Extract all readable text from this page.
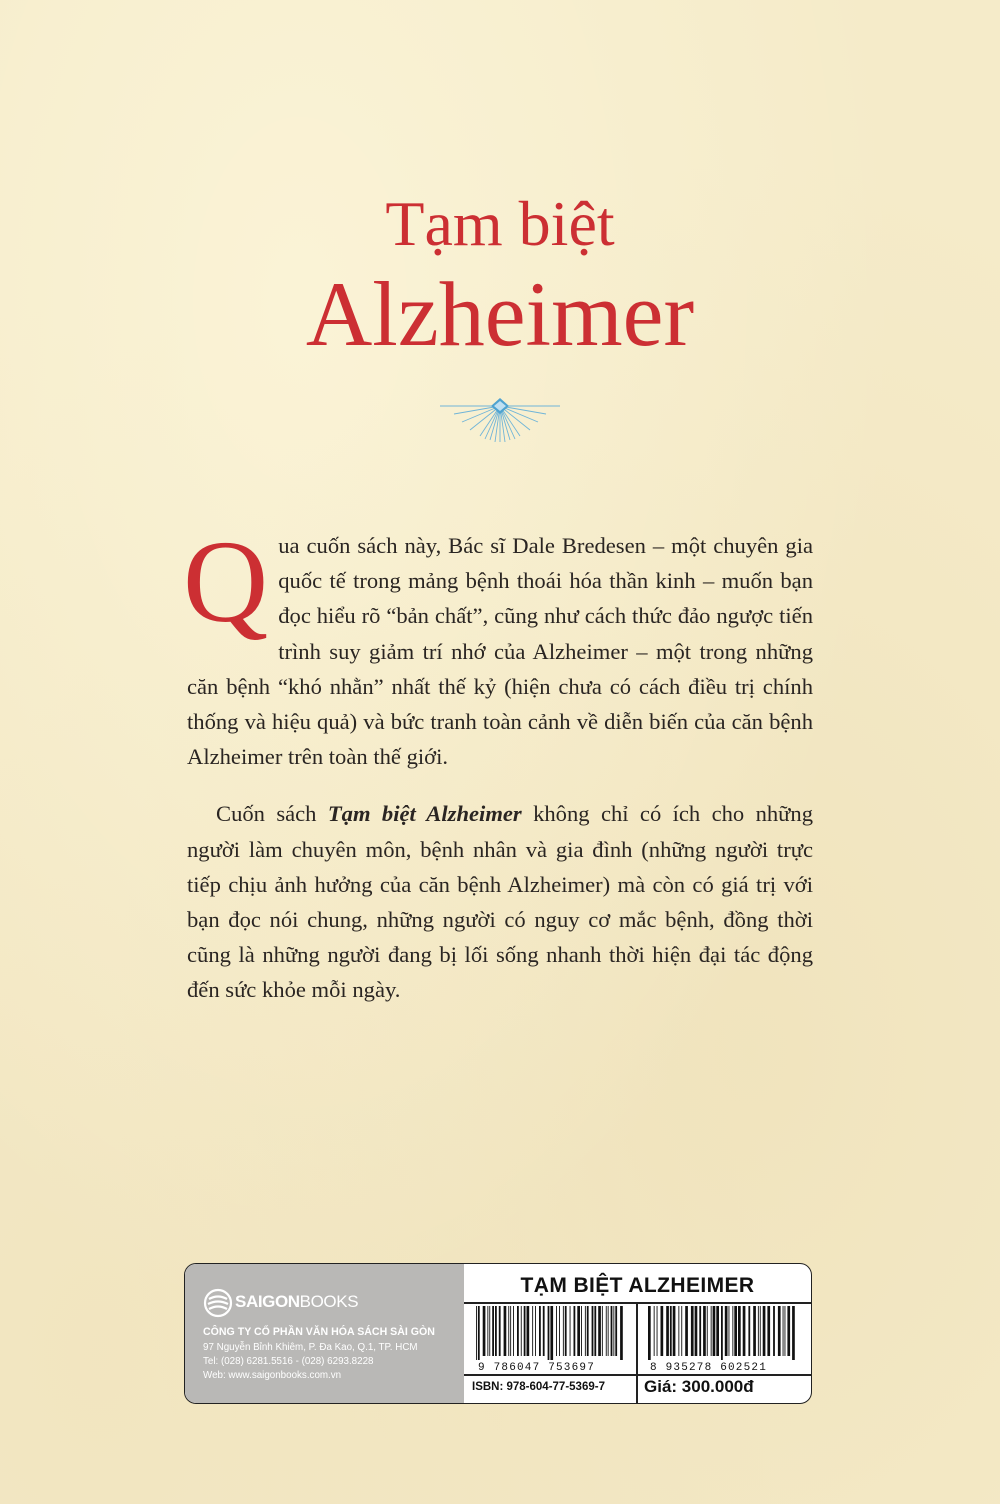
Tạm biệt
Alzheimer

Qua cuốn sách này, Bác sĩ Dale Bredesen – một chuyên gia quốc tế trong mảng bệnh thoái hóa thần kinh – muốn bạn đọc hiểu rõ “bản chất”, cũng như cách thức đảo ngược tiến trình suy giảm trí nhớ của Alzheimer – một trong những căn bệnh “khó nhằn” nhất thế kỷ (hiện chưa có cách điều trị chính thống và hiệu quả) và bức tranh toàn cảnh về diễn biến của căn bệnh Alzheimer trên toàn thế giới.

Cuốn sách Tạm biệt Alzheimer không chỉ có ích cho những người làm chuyên môn, bệnh nhân và gia đình (những người trực tiếp chịu ảnh hưởng của căn bệnh Alzheimer) mà còn có giá trị với bạn đọc nói chung, những người có nguy cơ mắc bệnh, đồng thời cũng là những người đang bị lối sống nhanh thời hiện đại tác động đến sức khỏe mỗi ngày.

SAIGONBOOKS
CÔNG TY CỔ PHẦN VĂN HÓA SÁCH SÀI GÒN
97 Nguyễn Bỉnh Khiêm, P. Đa Kao, Q.1, TP. HCM
Tel: (028) 6281.5516 - (028) 6293.8228
Web: www.saigonbooks.com.vn
TẠM BIỆT ALZHEIMER
9 786047 753697	8 935278 602521
ISBN: 978-604-77-5369-7 Giá: 300.000đ
